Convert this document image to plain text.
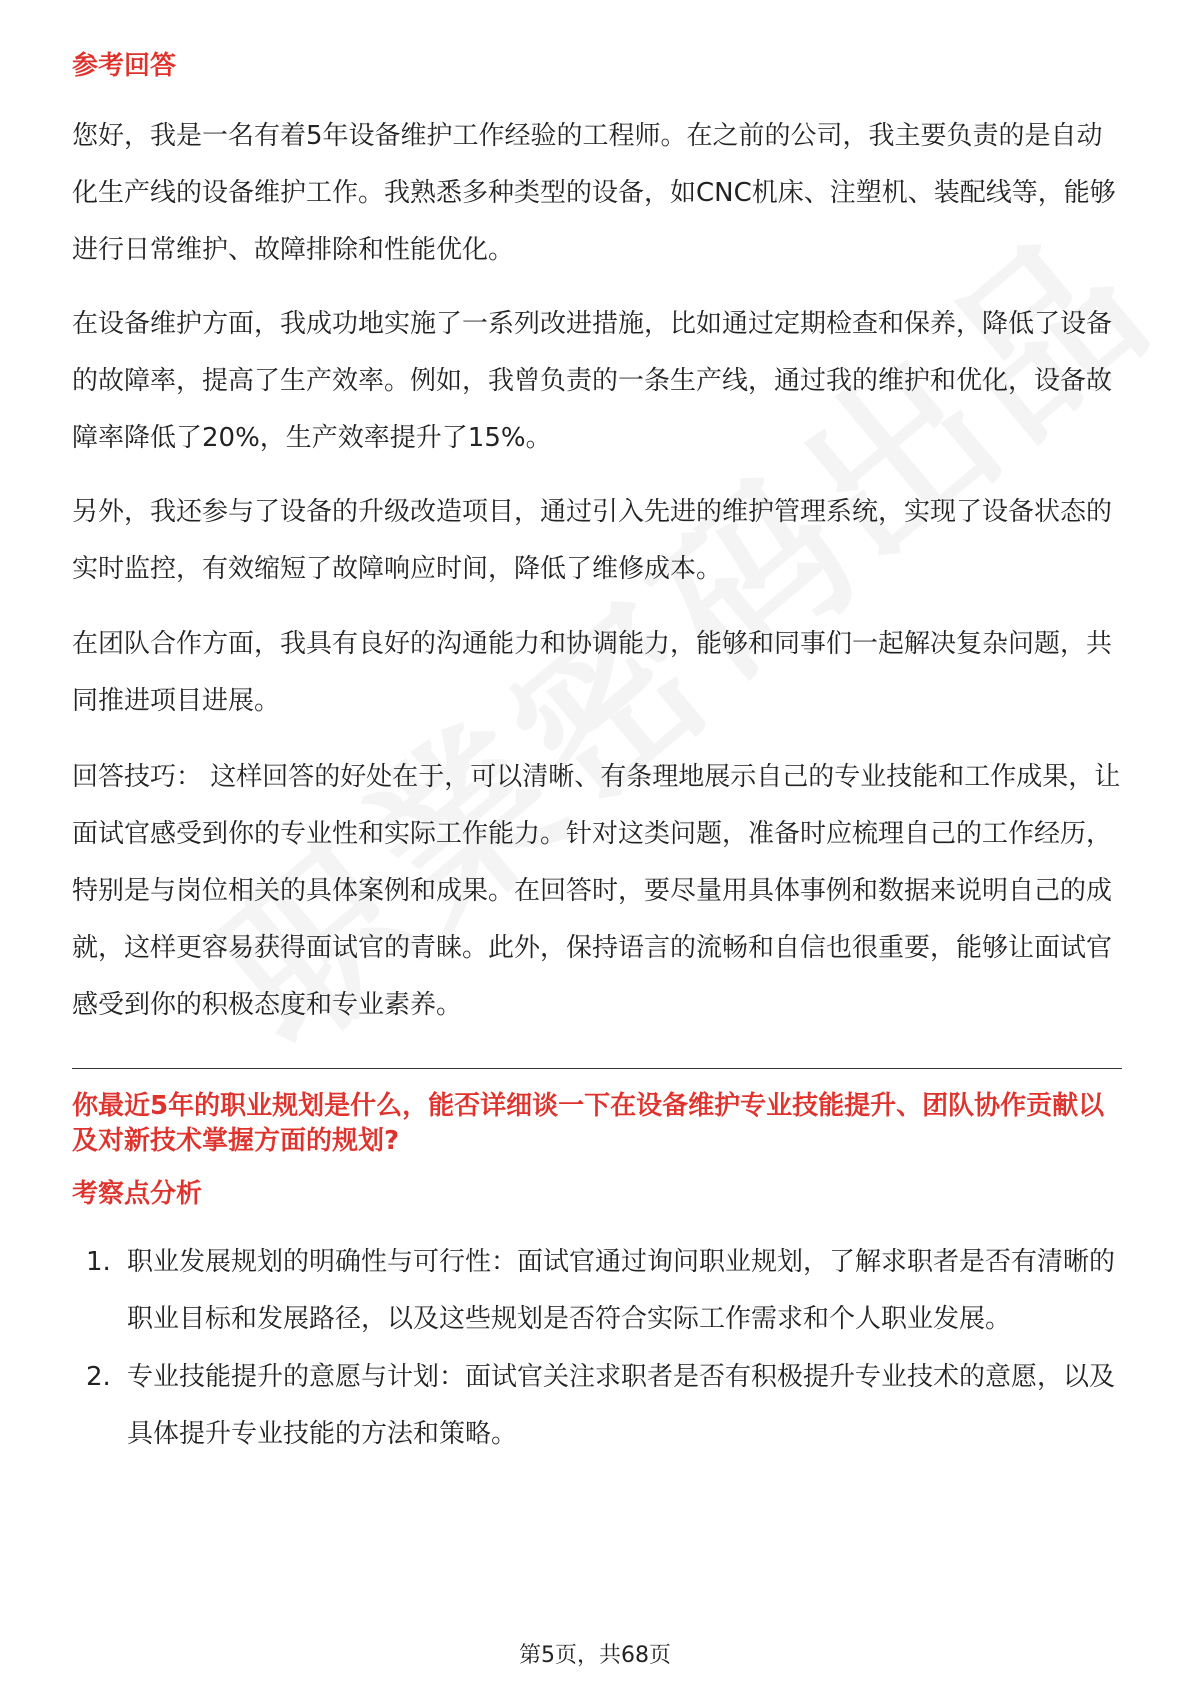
参考回答
您好，我是一名有着5年设备维护工作经验的工程师。在之前的公司，我主要负责的是自动化生产线的设备维护工作。我熟悉多种类型的设备，如CNC机床、注塑机、装配线等，能够进行日常维护、故障排除和性能优化。
在设备维护方面，我成功地实施了一系列改进措施，比如通过定期检查和保养，降低了设备的故障率，提高了生产效率。例如，我曾负责的一条生产线，通过我的维护和优化，设备故障率降低了20%，生产效率提升了15%。
另外，我还参与了设备的升级改造项目，通过引入先进的维护管理系统，实现了设备状态的实时监控，有效缩短了故障响应时间，降低了维修成本。
在团队合作方面，我具有良好的沟通能力和协调能力，能够和同事们一起解决复杂问题，共同推进项目进展。
回答技巧： 这样回答的好处在于，可以清晰、有条理地展示自己的专业技能和工作成果，让面试官感受到你的专业性和实际工作能力。针对这类问题，准备时应梳理自己的工作经历，特别是与岗位相关的具体案例和成果。在回答时，要尽量用具体事例和数据来说明自己的成就，这样更容易获得面试官的青睐。此外，保持语言的流畅和自信也很重要，能够让面试官感受到你的积极态度和专业素养。
你最近5年的职业规划是什么，能否详细谈一下在设备维护专业技能提升、团队协作贡献以及对新技术掌握方面的规划?
考察点分析
1. 职业发展规划的明确性与可行性：面试官通过询问职业规划，了解求职者是否有清晰的职业目标和发展路径，以及这些规划是否符合实际工作需求和个人职业发展。
2. 专业技能提升的意愿与计划：面试官关注求职者是否有积极提升专业技术的意愿，以及具体提升专业技能的方法和策略。
第5页，共68页
